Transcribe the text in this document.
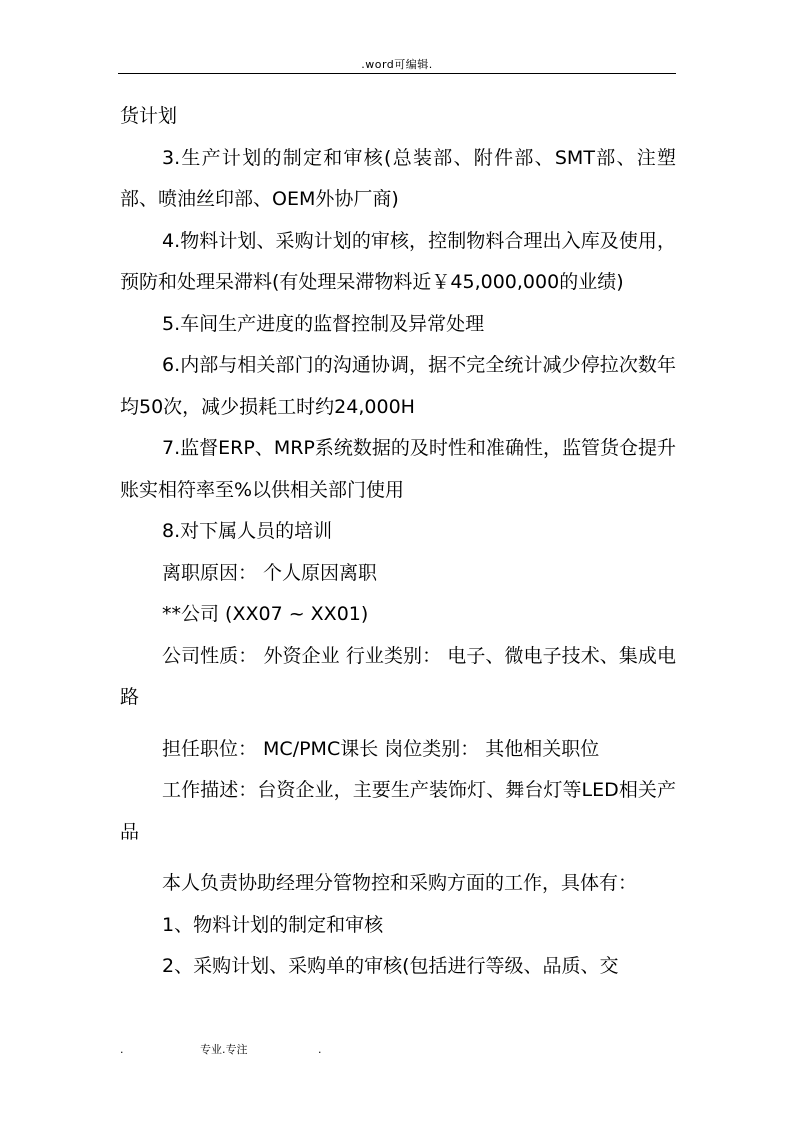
.word可编辑.

货计划

3.生产计划的制定和审核(总装部、附件部、SMT部、注塑部、喷油丝印部、OEM外协厂商)

4.物料计划、采购计划的审核，控制物料合理出入库及使用，预防和处理呆滞料(有处理呆滞物料近￥45,000,000的业绩)

5.车间生产进度的监督控制及异常处理

6.内部与相关部门的沟通协调，据不完全统计减少停拉次数年均50次，减少损耗工时约24,000H

7.监督ERP、MRP系统数据的及时性和准确性，监管货仓提升账实相符率至%以供相关部门使用

8.对下属人员的培训

离职原因： 个人原因离职

**公司 (XX07 ~ XX01)

公司性质： 外资企业 行业类别： 电子、微电子技术、集成电路

担任职位： MC/PMC课长 岗位类别： 其他相关职位

工作描述：台资企业，主要生产装饰灯、舞台灯等LED相关产品

本人负责协助经理分管物控和采购方面的工作，具体有：

1、物料计划的制定和审核

2、采购计划、采购单的审核(包括进行等级、品质、交

.	专业.专注	.
